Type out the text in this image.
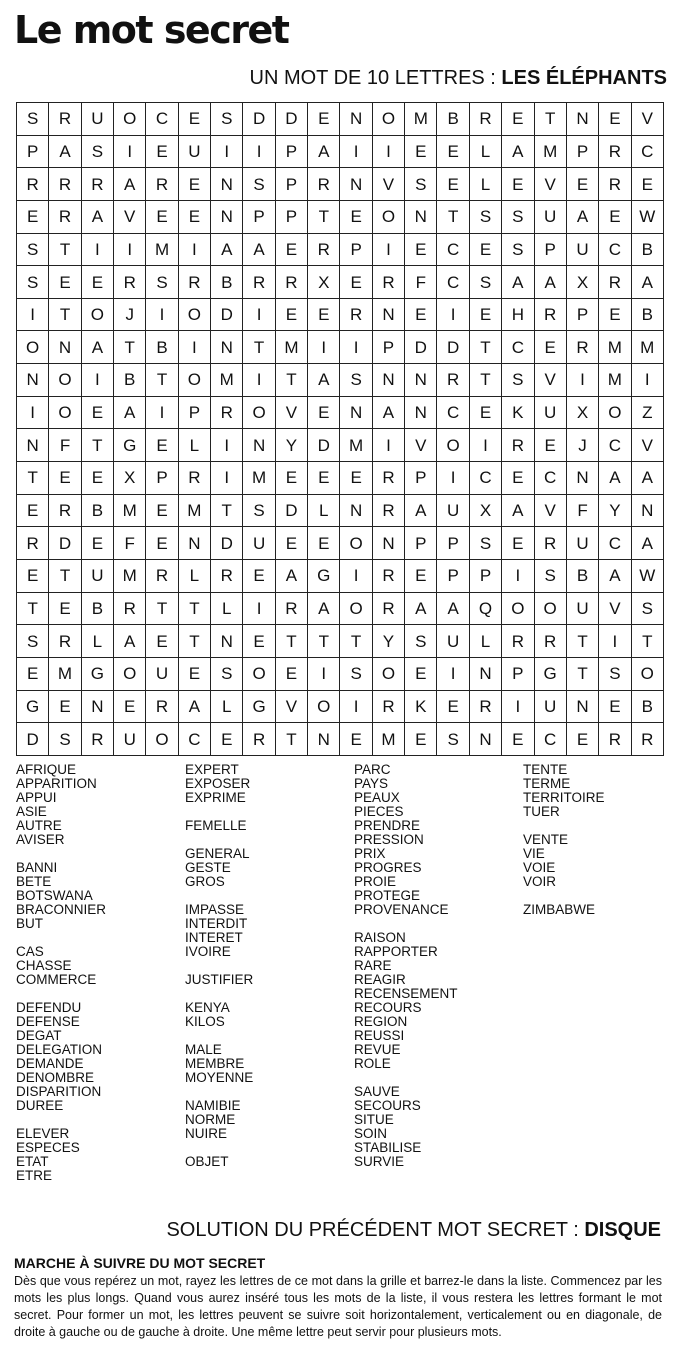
Le mot secret
UN MOT DE 10 LETTRES : LES ÉLÉPHANTS
S	R	U	O	C	E	S	D	D	E	N	O	M	B	R	E	T	N	E	V
P	A	S	I	E	U	I	I	P	A	I	I	E	E	L	A	M	P	R	C
R	R	R	A	R	E	N	S	P	R	N	V	S	E	L	E	V	E	R	E
E	R	A	V	E	E	N	P	P	T	E	O	N	T	S	S	U	A	E	W
S	T	I	I	M	I	A	A	E	R	P	I	E	C	E	S	P	U	C	B
S	E	E	R	S	R	B	R	R	X	E	R	F	C	S	A	A	X	R	A
I	T	O	J	I	O	D	I	E	E	R	N	E	I	E	H	R	P	E	B
O	N	A	T	B	I	N	T	M	I	I	P	D	D	T	C	E	R	M	M
N	O	I	B	T	O	M	I	T	A	S	N	N	R	T	S	V	I	M	I
I	O	E	A	I	P	R	O	V	E	N	A	N	C	E	K	U	X	O	Z
N	F	T	G	E	L	I	N	Y	D	M	I	V	O	I	R	E	J	C	V
T	E	E	X	P	R	I	M	E	E	E	R	P	I	C	E	C	N	A	A
E	R	B	M	E	M	T	S	D	L	N	R	A	U	X	A	V	F	Y	N
R	D	E	F	E	N	D	U	E	E	O	N	P	P	S	E	R	U	C	A
E	T	U	M	R	L	R	E	A	G	I	R	E	P	P	I	S	B	A	W
T	E	B	R	T	T	L	I	R	A	O	R	A	A	Q	O	O	U	V	S
S	R	L	A	E	T	N	E	T	T	T	Y	S	U	L	R	R	T	I	T
E	M	G	O	U	E	S	O	E	I	S	O	E	I	N	P	G	T	S	O
G	E	N	E	R	A	L	G	V	O	I	R	K	E	R	I	U	N	E	B
D	S	R	U	O	C	E	R	T	N	E	M	E	S	N	E	C	E	R	R
AFRIQUE
APPARITION
APPUI
ASIE
AUTRE
AVISER
BANNI
BETE
BOTSWANA
BRACONNIER
BUT
CAS
CHASSE
COMMERCE
DEFENDU
DEFENSE
DEGAT
DELEGATION
DEMANDE
DENOMBRE
DISPARITION
DUREE
ELEVER
ESPECES
ETAT
ETRE
EXPERT
EXPOSER
EXPRIME
FEMELLE
GENERAL
GESTE
GROS
IMPASSE
INTERDIT
INTERET
IVOIRE
JUSTIFIER
KENYA
KILOS
MALE
MEMBRE
MOYENNE
NAMIBIE
NORME
NUIRE
OBJET
PARC
PAYS
PEAUX
PIECES
PRENDRE
PRESSION
PRIX
PROGRES
PROIE
PROTEGE
PROVENANCE
RAISON
RAPPORTER
RARE
REAGIR
RECENSEMENT
RECOURS
REGION
REUSSI
REVUE
ROLE
SAUVE
SECOURS
SITUE
SOIN
STABILISE
SURVIE
TENTE
TERME
TERRITOIRE
TUER
VENTE
VIE
VOIE
VOIR
ZIMBABWE
SOLUTION DU PRÉCÉDENT MOT SECRET : DISQUE
MARCHE À SUIVRE DU MOT SECRET
Dès que vous repérez un mot, rayez les lettres de ce mot dans la grille et barrez-le dans la liste. Commencez par les mots les plus longs. Quand vous aurez inséré tous les mots de la liste, il vous restera les lettres formant le mot secret. Pour former un mot, les lettres peuvent se suivre soit horizontalement, verticalement ou en diagonale, de droite à gauche ou de gauche à droite. Une même lettre peut servir pour plusieurs mots.
